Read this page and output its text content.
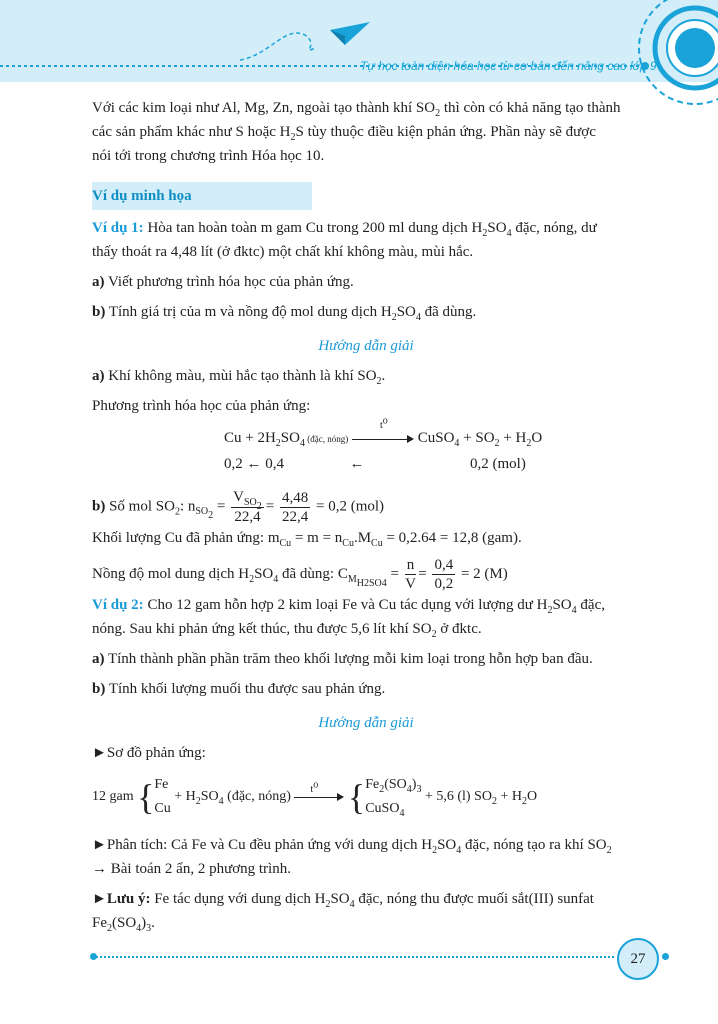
Tự học toàn diện hóa học từ cơ bản đến nâng cao lớp 9

Với các kim loại như Al, Mg, Zn, ngoài tạo thành khí $SO_2$ thì còn có khả năng tạo thành
các sản phẩm khác như S hoặc $H_2S$ tùy thuộc điều kiện phản ứng. Phần này sẽ được
nói tới trong chương trình Hóa học 10.

Ví dụ minh họa

Ví dụ 1: Hòa tan hoàn toàn m gam Cu trong 200 ml dung dịch $H_2SO_4$ đặc, nóng, dư
thấy thoát ra 4,48 lít (ở đktc) một chất khí không màu, mùi hắc.

a) Viết phương trình hóa học của phản ứng.

b) Tính giá trị của m và nồng độ mol dung dịch $H_2SO_4$ đã dùng.

Hướng dẫn giải

a) Khí không màu, mùi hắc tạo thành là khí $SO_2$.

Phương trình hóa học của phản ứng:

$Cu + 2H_2SO_4$ (đặc, nóng)	CuSO$_4$ + $SO_2 + H_2O$
$t^o$
0,2 ← 0,4	←	0,2 (mol)

b) Số mol $SO_2$: $n_{SO_2} = \frac{V_{SO_2}}{22,4} = \frac{4,48}{22,4} = 0,2$ (mol)

Khối lượng Cu đã phản ứng: $m_{Cu} = m = n_{Cu}.M_{Cu} = 0,2.64 = 12,8$ (gam).

Nồng độ mol dung dịch $H_2SO_4$ đã dùng: $C_{M_{H2SO4}} = \frac{n}{V} = \frac{0,4}{0,2} = 2$ (M)

Ví dụ 2: Cho 12 gam hỗn hợp 2 kim loại Fe và Cu tác dụng với lượng dư $H_2SO_4$ đặc,
nóng. Sau khi phản ứng kết thúc, thu được 5,6 lít khí $SO_2$ ở đktc.

a) Tính thành phần phần trăm theo khối lượng mỗi kim loại trong hỗn hợp ban đầu.

b) Tính khối lượng muối thu được sau phản ứng.

Hướng dẫn giải

► Sơ đồ phản ứng:

12 gam {Fe
$Cu + H_2SO_4$ (đặc, nóng) $t^o$ {$Fe_2(SO_4)_3$
CuSO$_4$ + 5,6 (l) $SO_2 + H_2O$

► Phân tích: Cả Fe và Cu đều phản ứng với dung dịch $H_2SO_4$ đặc, nóng tạo ra khí $SO_2$
→ Bài toán 2 ẩn, 2 phương trình.

► Lưu ý: Fe tác dụng với dung dịch $H_2SO_4$ đặc, nóng thu được muối sắt(III) sunfat
$Fe_2(SO_4)_3$.

27
